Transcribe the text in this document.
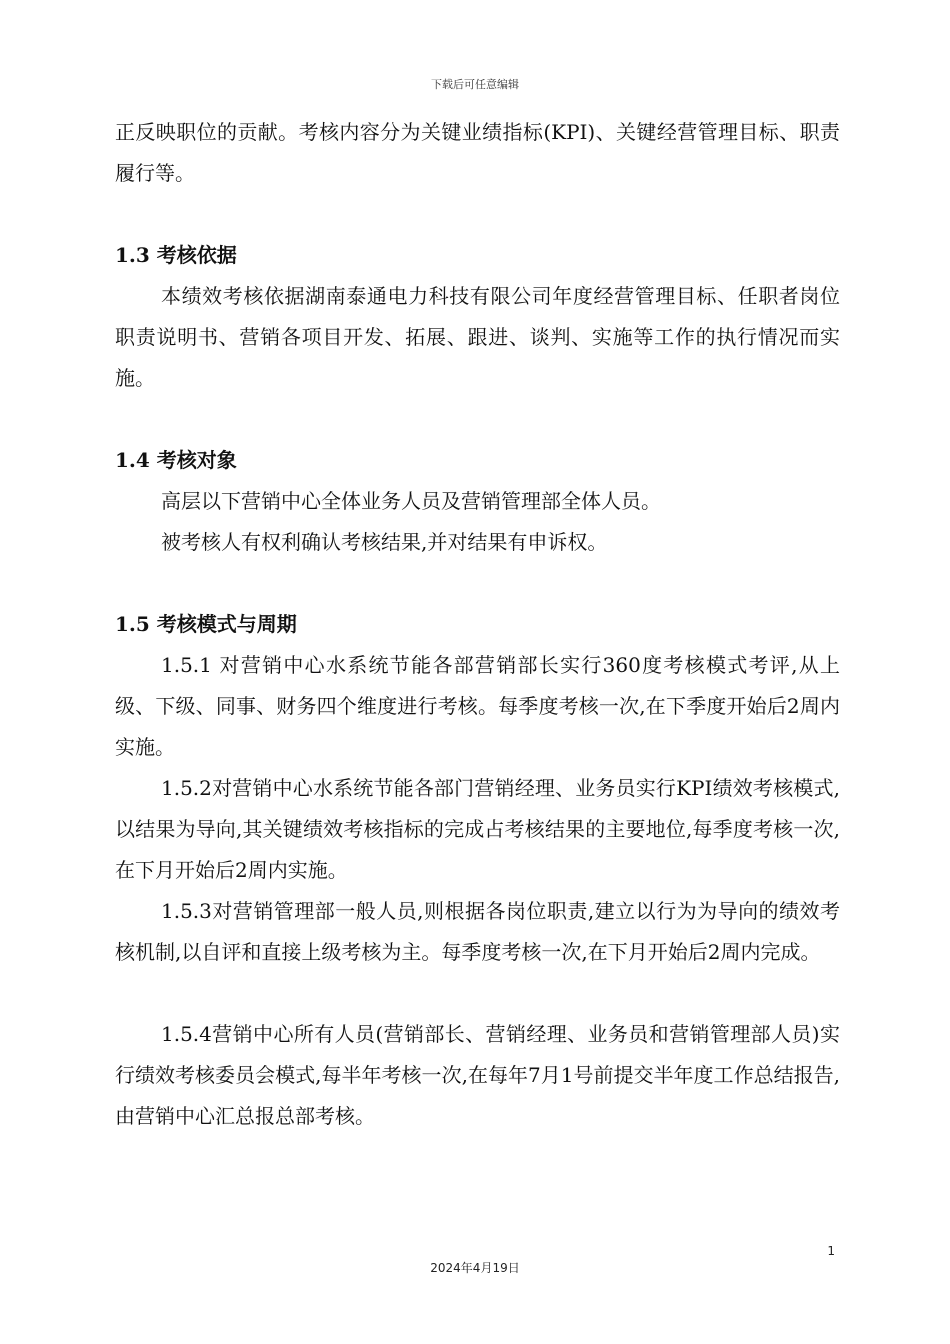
下载后可任意编辑

正反映职位的贡献。考核内容分为关键业绩指标(KPI)、关键经营管理目标、职责履行等。

1.3 考核依据

本绩效考核依据湖南泰通电力科技有限公司年度经营管理目标、任职者岗位职责说明书、营销各项目开发、拓展、跟进、谈判、实施等工作的执行情况而实施。

1.4 考核对象

高层以下营销中心全体业务人员及营销管理部全体人员。

被考核人有权利确认考核结果,并对结果有申诉权。

1.5 考核模式与周期

1.5.1 对营销中心水系统节能各部营销部长实行360度考核模式考评,从上级、下级、同事、财务四个维度进行考核。每季度考核一次,在下季度开始后2周内实施。

1.5.2对营销中心水系统节能各部门营销经理、业务员实行KPI绩效考核模式,以结果为导向,其关键绩效考核指标的完成占考核结果的主要地位,每季度考核一次,在下月开始后2周内实施。

1.5.3对营销管理部一般人员,则根据各岗位职责,建立以行为为导向的绩效考核机制,以自评和直接上级考核为主。每季度考核一次,在下月开始后2周内完成。

1.5.4营销中心所有人员(营销部长、营销经理、业务员和营销管理部人员)实行绩效考核委员会模式,每半年考核一次,在每年7月1号前提交半年度工作总结报告,由营销中心汇总报总部考核。

1
2024年4月19日
